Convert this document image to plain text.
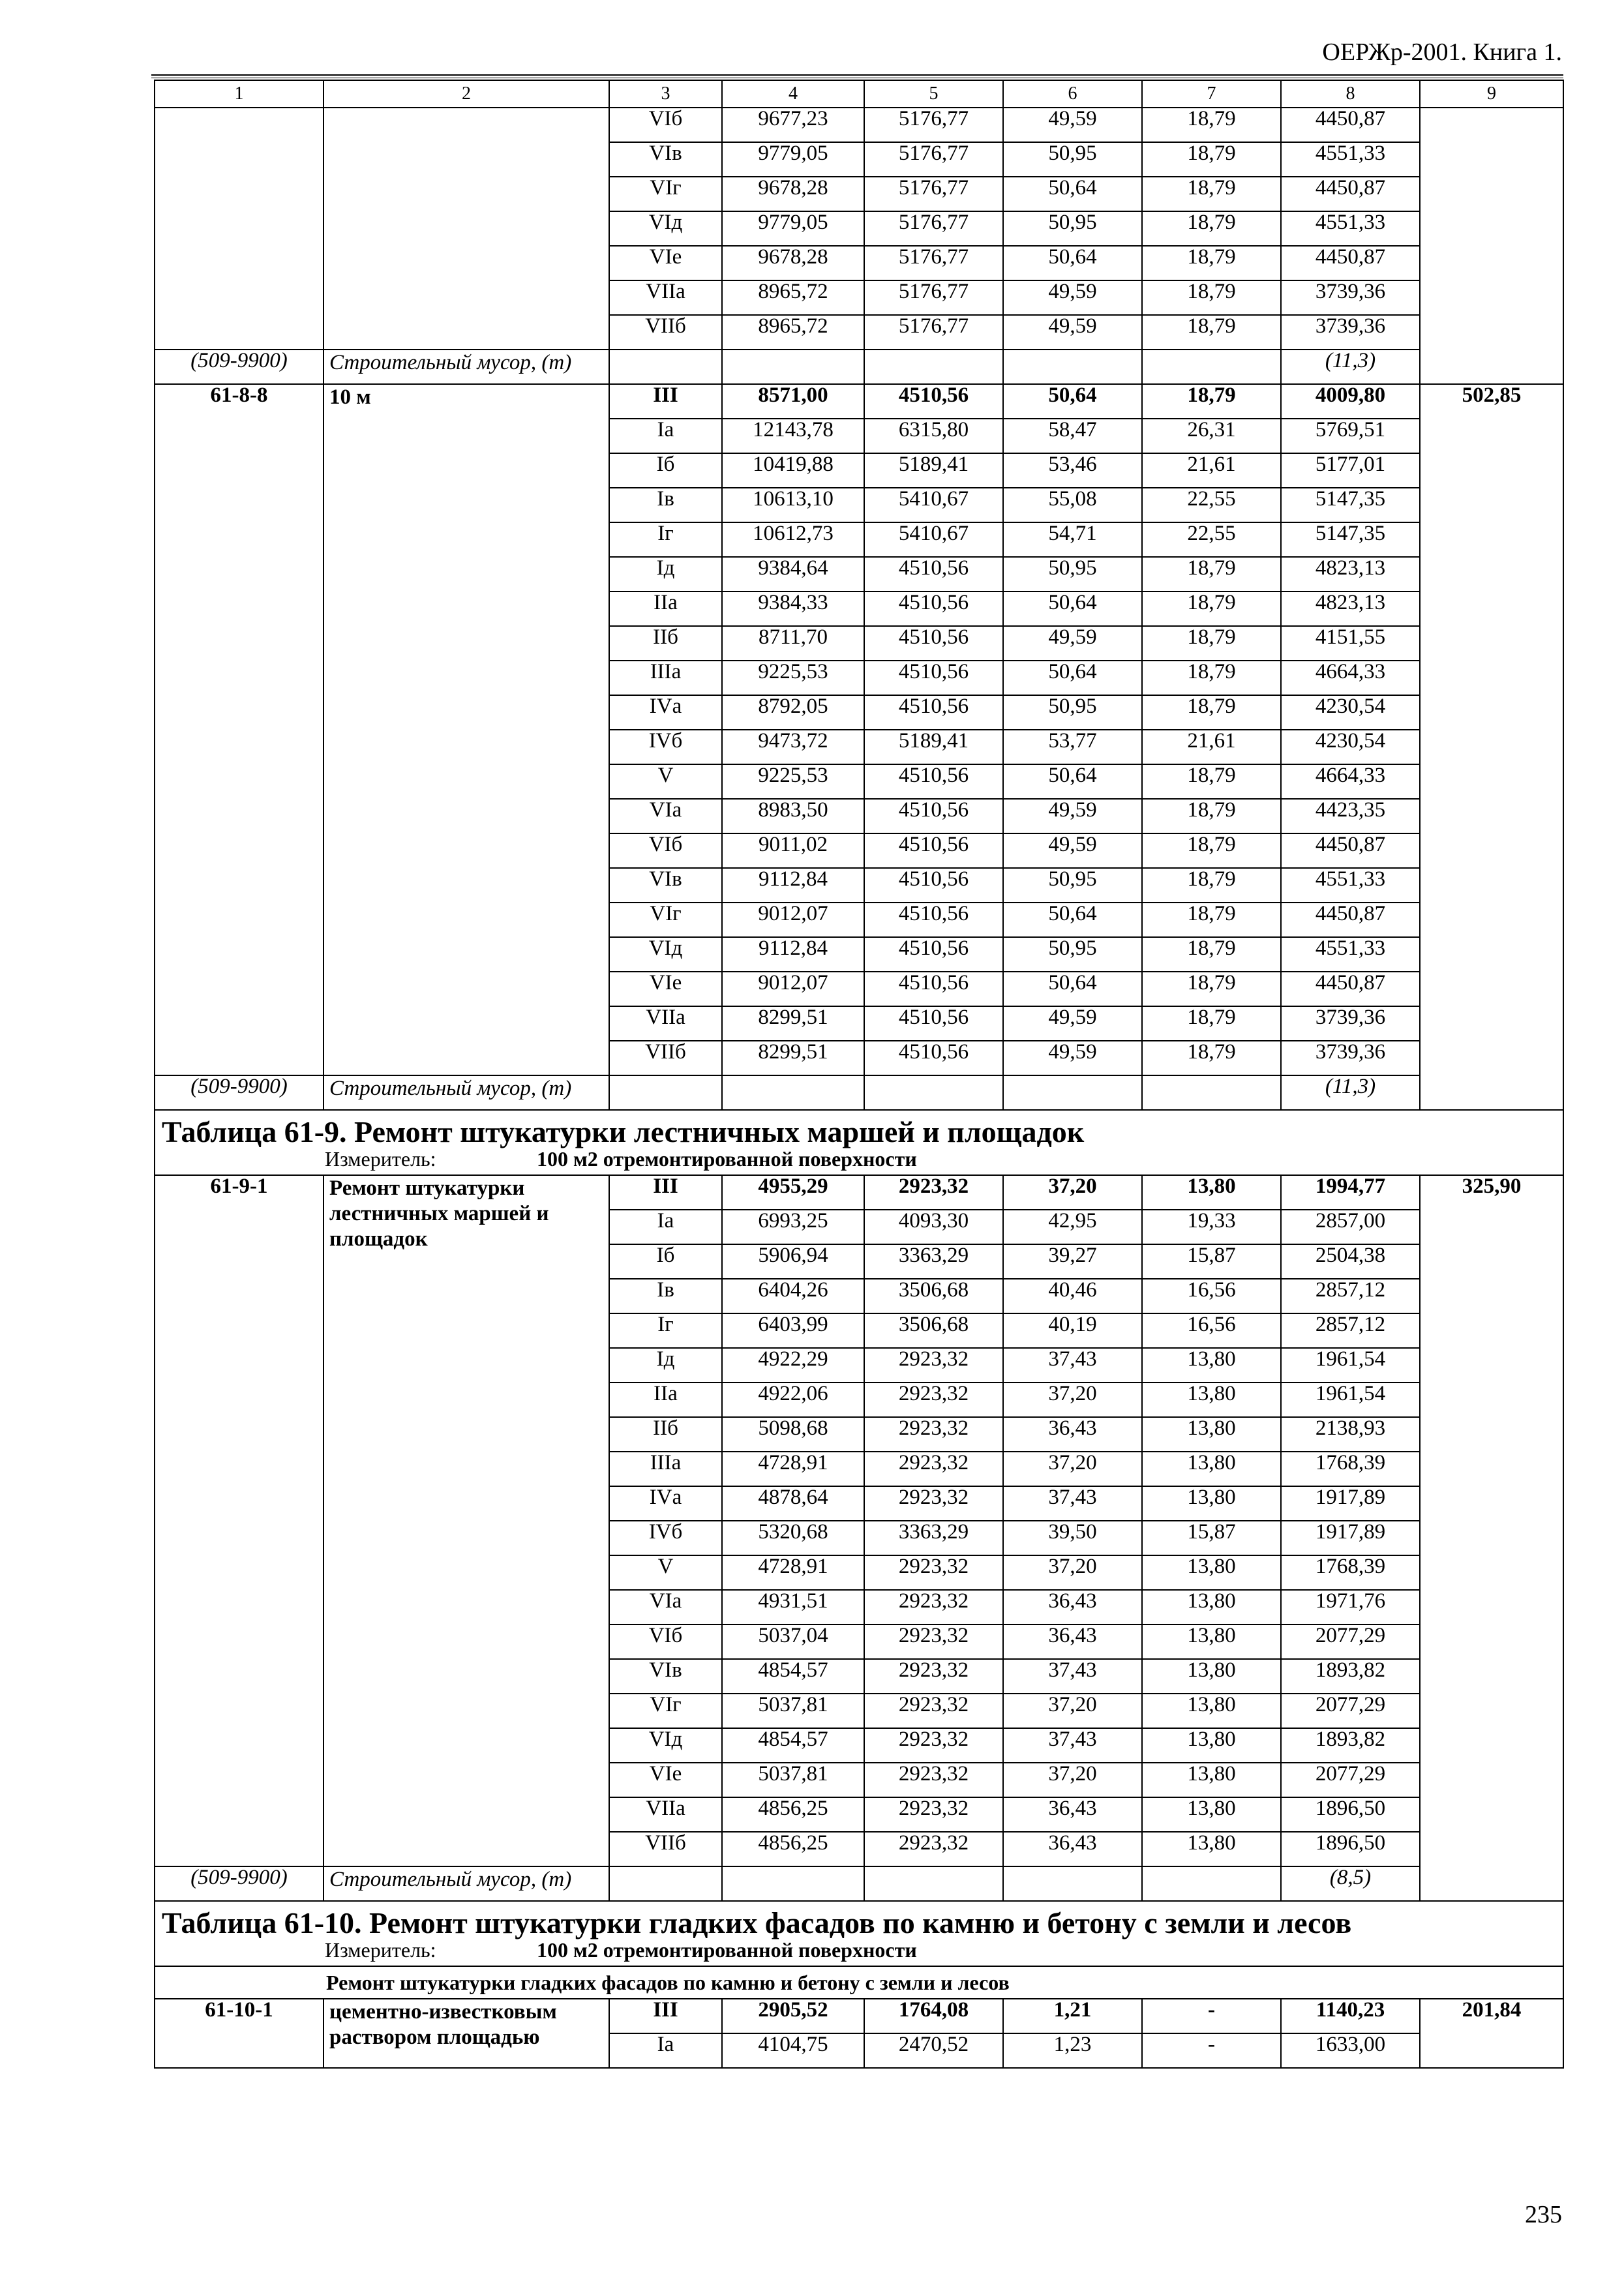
ОЕРЖр-2001. Книга 1.
1	2	3	4	5	6	7	8	9
		VIб	9677,23	5176,77	49,59	18,79	4450,87	
		VIв	9779,05	5176,77	50,95	18,79	4551,33	
		VIг	9678,28	5176,77	50,64	18,79	4450,87	
		VIд	9779,05	5176,77	50,95	18,79	4551,33	
		VIе	9678,28	5176,77	50,64	18,79	4450,87	
		VIIа	8965,72	5176,77	49,59	18,79	3739,36	
		VIIб	8965,72	5176,77	49,59	18,79	3739,36	
(509-9900)	Строительный мусор, (т)						(11,3)	
61-8-8	10 м	III	8571,00	4510,56	50,64	18,79	4009,80	502,85
		Iа	12143,78	6315,80	58,47	26,31	5769,51	
		Iб	10419,88	5189,41	53,46	21,61	5177,01	
		Iв	10613,10	5410,67	55,08	22,55	5147,35	
		Iг	10612,73	5410,67	54,71	22,55	5147,35	
		Iд	9384,64	4510,56	50,95	18,79	4823,13	
		IIа	9384,33	4510,56	50,64	18,79	4823,13	
		IIб	8711,70	4510,56	49,59	18,79	4151,55	
		IIIа	9225,53	4510,56	50,64	18,79	4664,33	
		IVа	8792,05	4510,56	50,95	18,79	4230,54	
		IVб	9473,72	5189,41	53,77	21,61	4230,54	
		V	9225,53	4510,56	50,64	18,79	4664,33	
		VIа	8983,50	4510,56	49,59	18,79	4423,35	
		VIб	9011,02	4510,56	49,59	18,79	4450,87	
		VIв	9112,84	4510,56	50,95	18,79	4551,33	
		VIг	9012,07	4510,56	50,64	18,79	4450,87	
		VIд	9112,84	4510,56	50,95	18,79	4551,33	
		VIе	9012,07	4510,56	50,64	18,79	4450,87	
		VIIа	8299,51	4510,56	49,59	18,79	3739,36	
		VIIб	8299,51	4510,56	49,59	18,79	3739,36	
(509-9900)	Строительный мусор, (т)						(11,3)	

Таблица 61-9. Ремонт штукатурки лестничных маршей и площадок
Измеритель: 100 м2 отремонтированной поверхности								

61-9-1	Ремонт штукатурки лестничных маршей и площадок	III	4955,29	2923,32	37,20	13,80	1994,77	325,90
		Iа	6993,25	4093,30	42,95	19,33	2857,00	
		Iб	5906,94	3363,29	39,27	15,87	2504,38	
		Iв	6404,26	3506,68	40,46	16,56	2857,12	
		Iг	6403,99	3506,68	40,19	16,56	2857,12	
		Iд	4922,29	2923,32	37,43	13,80	1961,54	
		IIа	4922,06	2923,32	37,20	13,80	1961,54	
		IIб	5098,68	2923,32	36,43	13,80	2138,93	
		IIIа	4728,91	2923,32	37,20	13,80	1768,39	
		IVа	4878,64	2923,32	37,43	13,80	1917,89	
		IVб	5320,68	3363,29	39,50	15,87	1917,89	
		V	4728,91	2923,32	37,20	13,80	1768,39	
		VIа	4931,51	2923,32	36,43	13,80	1971,76	
		VIб	5037,04	2923,32	36,43	13,80	2077,29	
		VIв	4854,57	2923,32	37,43	13,80	1893,82	
		VIг	5037,81	2923,32	37,20	13,80	2077,29	
		VIд	4854,57	2923,32	37,43	13,80	1893,82	
		VIе	5037,81	2923,32	37,20	13,80	2077,29	
		VIIа	4856,25	2923,32	36,43	13,80	1896,50	
		VIIб	4856,25	2923,32	36,43	13,80	1896,50	
(509-9900)	Строительный мусор, (т)						(8,5)	

Таблица 61-10. Ремонт штукатурки гладких фасадов по камню и бетону с земли и лесов
Измеритель: 100 м2 отремонтированной поверхности								

Ремонт штукатурки гладких фасадов по камню и бетону с земли и лесов								
61-10-1	цементно-известковым раствором площадью	III	2905,52	1764,08	1,21	-	1140,23	201,84
		Iа	4104,75	2470,52	1,23	-	1633,00	
235
